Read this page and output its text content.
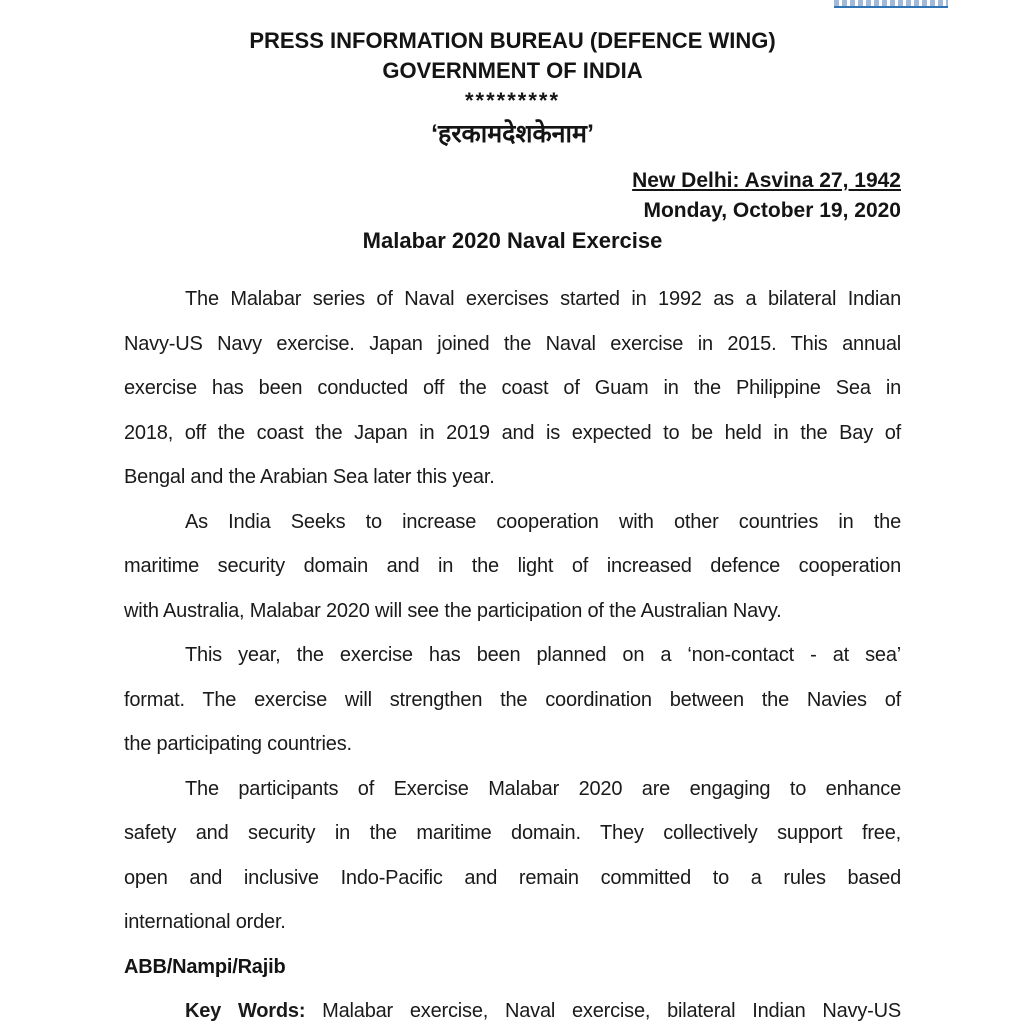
PRESS INFORMATION BUREAU (DEFENCE WING)
GOVERNMENT OF INDIA
*********
‘हरकामदेशकेनाम’
New Delhi: Asvina 27, 1942
Monday, October 19, 2020
Malabar 2020 Naval Exercise
The Malabar series of Naval exercises started in 1992 as a bilateral Indian
Navy-US Navy exercise. Japan joined the Naval exercise in 2015. This annual
exercise has been conducted off the coast of Guam in the Philippine Sea in
2018, off the coast the Japan in 2019 and is expected to be held in the Bay of
Bengal and the Arabian Sea later this year.
As India Seeks to increase cooperation with other countries in the
maritime security domain and in the light of increased defence cooperation
with Australia, Malabar 2020 will see the participation of the Australian Navy.
This year, the exercise has been planned on a ‘non-contact - at sea’
format. The exercise will strengthen the coordination between the Navies of
the participating countries.
The participants of Exercise Malabar 2020 are engaging to enhance
safety and security in the maritime domain. They collectively support free,
open and inclusive Indo-Pacific and remain committed to a rules based
international order.
ABB/Nampi/Rajib
Key Words: Malabar exercise, Naval exercise, bilateral Indian Navy-US
